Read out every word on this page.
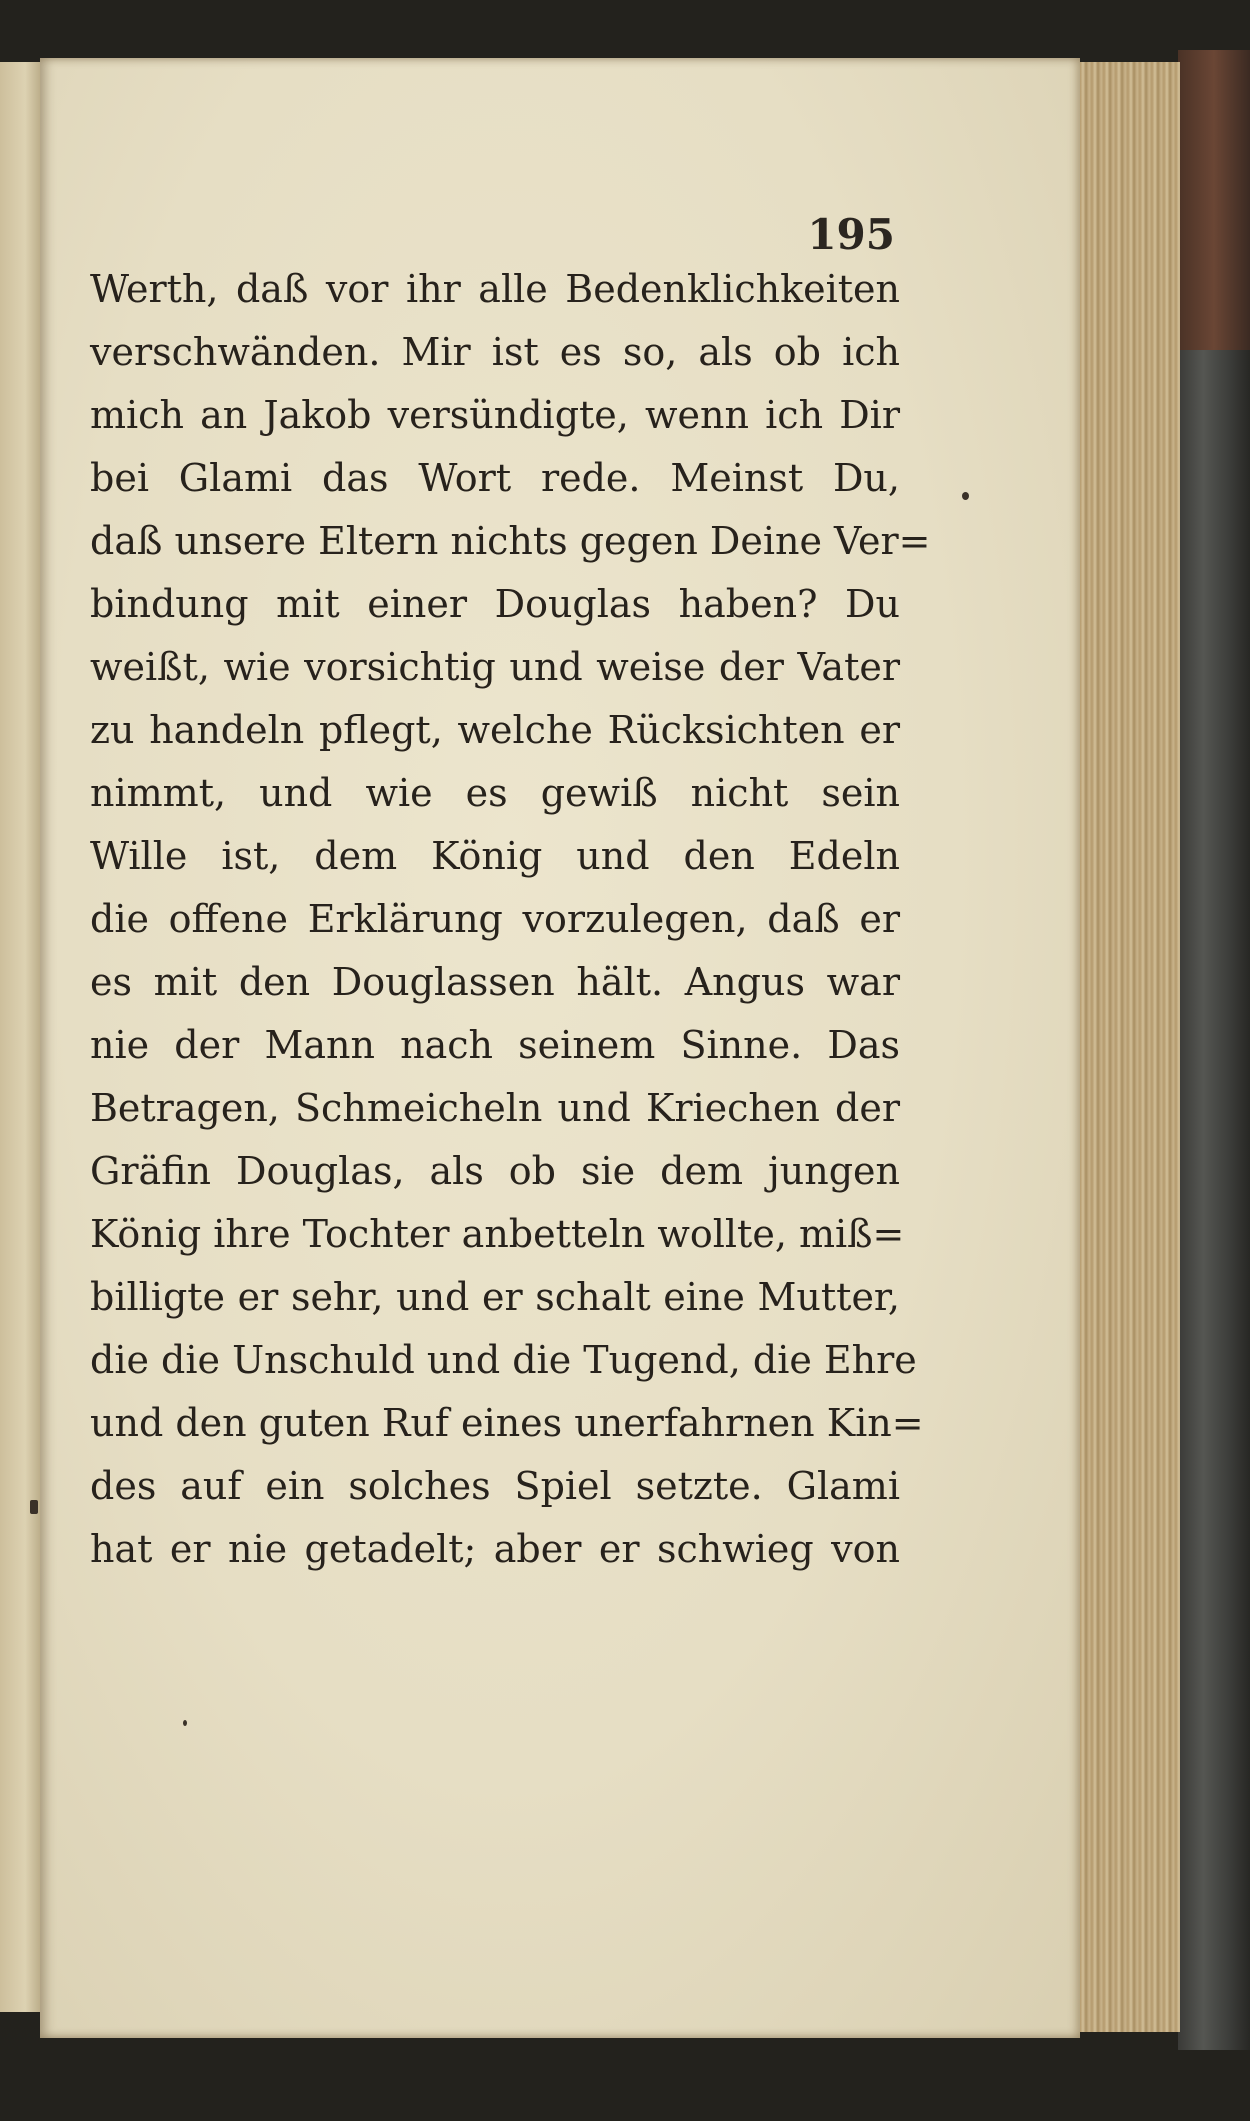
195

Werth, daß vor ihr alle Bedenklichkeiten
verschwänden. Mir ist es so, als ob ich
mich an Jakob versündigte, wenn ich Dir
bei Glami das Wort rede. Meinst Du,
daß unsere Eltern nichts gegen Deine Ver=
bindung mit einer Douglas haben? Du
weißt, wie vorsichtig und weise der Vater
zu handeln pflegt, welche Rücksichten er
nimmt, und wie es gewiß nicht sein
Wille ist, dem König und den Edeln
die offene Erklärung vorzulegen, daß er
es mit den Douglassen hält. Angus war
nie der Mann nach seinem Sinne. Das
Betragen, Schmeicheln und Kriechen der
Gräfin Douglas, als ob sie dem jungen
König ihre Tochter anbetteln wollte, miß=
billigte er sehr, und er schalt eine Mutter,
die die Unschuld und die Tugend, die Ehre
und den guten Ruf eines unerfahrnen Kin=
des auf ein solches Spiel setzte. Glami
hat er nie getadelt; aber er schwieg von
